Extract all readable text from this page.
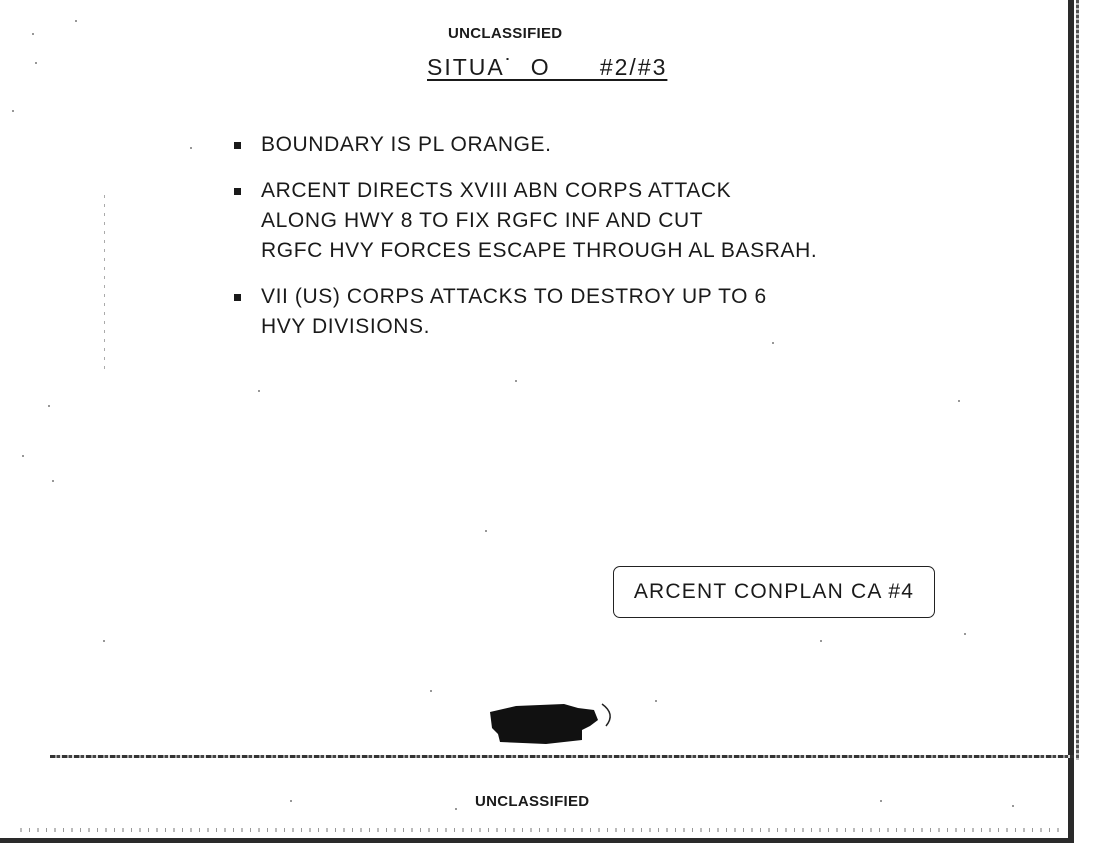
UNCLASSIFIED
SITUA˙ O   #2/#3
BOUNDARY IS PL ORANGE.
ARCENT DIRECTS XVIII ABN CORPS ATTACK
ALONG HWY 8 TO FIX RGFC INF AND CUT
RGFC HVY FORCES ESCAPE THROUGH AL BASRAH.
VII (US) CORPS ATTACKS TO DESTROY UP TO 6
HVY DIVISIONS.
ARCENT CONPLAN CA #4
UNCLASSIFIED
